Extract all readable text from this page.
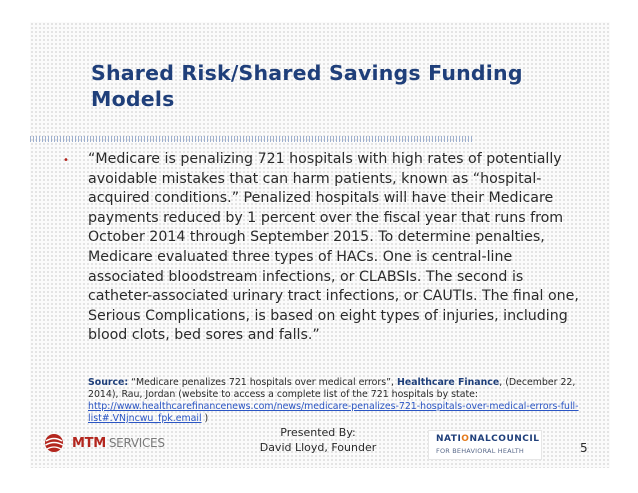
Shared Risk/Shared Savings Funding
Models
• “Medicare is penalizing 721 hospitals with high rates of potentially avoidable mistakes that can harm patients, known as “hospital-acquired conditions.” Penalized hospitals will have their Medicare payments reduced by 1 percent over the fiscal year that runs from October 2014 through September 2015. To determine penalties, Medicare evaluated three types of HACs. One is central-line associated bloodstream infections, or CLABSIs. The second is catheter-associated urinary tract infections, or CAUTIs. The final one, Serious Complications, is based on eight types of injuries, including blood clots, bed sores and falls.”
Source: “Medicare penalizes 721 hospitals over medical errors”, Healthcare Finance, (December 22, 2014), Rau, Jordan (website to access a complete list of the 721 hospitals by state: http://www.healthcarefinancenews.com/news/medicare-penalizes-721-hospitals-over-medical-errors-full-list#.VNjncwu_fpk.email )
MTM SERVICES
Presented By:
David Lloyd, Founder
NATIONALCOUNCIL
FOR BEHAVIORAL HEALTH	5
